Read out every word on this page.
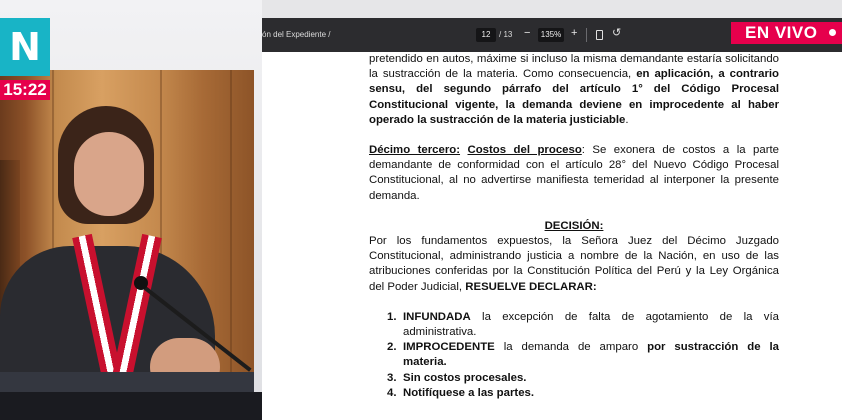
N
15:22
ón del Expediente /	12	/ 13 −	135% +	↺

pretendido en autos, máxime si incluso la misma demandante estaría solicitando la sustracción de la materia. Como consecuencia, en aplicación, a contrario sensu, del segundo párrafo del artículo 1° del Código Procesal Constitucional vigente, la demanda deviene en improcedente al haber operado la sustracción de la materia justiciable.

Décimo tercero: Costos del proceso: Se exonera de costos a la parte demandante de conformidad con el artículo 28° del Nuevo Código Procesal Constitucional, al no advertirse manifiesta temeridad al interponer la presente demanda.

DECISIÓN:

Por los fundamentos expuestos, la Señora Juez del Décimo Juzgado Constitucional, administrando justicia a nombre de la Nación, en uso de las atribuciones conferidas por la Constitución Política del Perú y la Ley Orgánica del Poder Judicial, RESUELVE DECLARAR:

1. INFUNDADA la excepción de falta de agotamiento de la vía administrativa.
2. IMPROCEDENTE la demanda de amparo por sustracción de la materia.
3. Sin costos procesales.
4. Notifíquese a las partes.
EN VIVO
